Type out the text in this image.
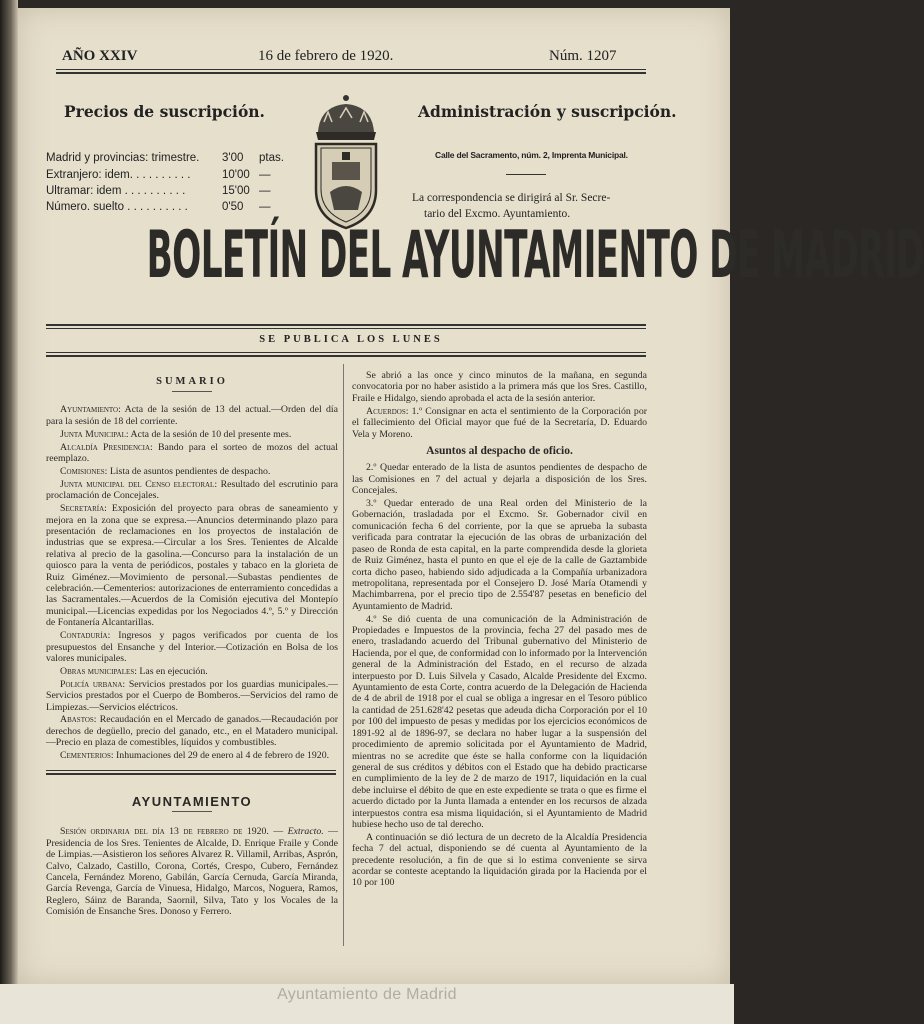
AÑO XXIV	16 de febrero de 1920.	Núm. 1207
Precios de suscripción.
Madrid y provincias: trimestre. 3'00 ptas.
Extranjero: idem. . . . . . . . . .	10'00 —
Ultramar: idem . . . . . . . . . .	15'00 —
Número. suelto . . . . . . . . . .	0'50 —
Administración y suscripción.
Calle del Sacramento, núm. 2, Imprenta Municipal.
La correspondencia se dirigirá al Sr. Secre-
tario del Excmo. Ayuntamiento.
BOLETÍN DEL AYUNTAMIENTO DE MADRID
SE PUBLICA LOS LUNES
SUMARIO

Ayuntamiento: Acta de la sesión de 13 del actual.—Orden del día para la sesión de 18 del corriente.

Junta Municipal: Acta de la sesión de 10 del presente mes.

Alcaldía Presidencia: Bando para el sorteo de mozos del actual reemplazo.

Comisiones: Lista de asuntos pendientes de despacho.

Junta municipal del Censo electoral: Resultado del escrutinio para proclamación de Concejales.

Secretaría: Exposición del proyecto para obras de saneamiento y mejora en la zona que se expresa.—Anuncios determinando plazo para presentación de reclamaciones en los proyectos de instalación de industrias que se expresa.—Circular a los Sres. Tenientes de Alcalde relativa al precio de la gasolina.—Concurso para la instalación de un quiosco para la venta de periódicos, postales y tabaco en la glorieta de Ruiz Giménez.—Movimiento de personal.—Subastas pendientes de celebración.—Cementerios: autorizaciones de enterramiento concedidas a las Sacramentales.—Acuerdos de la Comisión ejecutiva del Montepío municipal.—Licencias expedidas por los Negociados 4.º, 5.º y Dirección de Fontanería Alcantarillas.

Contaduría: Ingresos y pagos verificados por cuenta de los presupuestos del Ensanche y del Interior.—Cotización en Bolsa de los valores municipales.

Obras municipales: Las en ejecución.

Policía urbana: Servicios prestados por los guardias municipales.—Servicios prestados por el Cuerpo de Bomberos.—Servicios del ramo de Limpiezas.—Servicios eléctricos.

Abastos: Recaudación en el Mercado de ganados.—Recaudación por derechos de degüello, precio del ganado, etc., en el Matadero municipal.—Precio en plaza de comestibles, líquidos y combustibles.

Cementerios: Inhumaciones del 29 de enero al 4 de febrero de 1920.

AYUNTAMIENTO

Sesión ordinaria del día 13 de febrero de 1920. — Extracto. —Presidencia de los Sres. Tenientes de Alcalde, D. Enrique Fraile y Conde de Limpias.—Asistieron los señores Alvarez R. Villamil, Arribas, Asprón, Calvo, Calzado, Castillo, Corona, Cortés, Crespo, Cubero, Fernández Cancela, Fernández Moreno, Gabilán, García Cernuda, García Miranda, García Revenga, García de Vinuesa, Hidalgo, Marcos, Noguera, Ramos, Reglero, Sáinz de Baranda, Saornil, Silva, Tato y los Vocales de la Comisión de Ensanche Sres. Donoso y Ferrero.

Se abrió a las once y cinco minutos de la mañana, en segunda convocatoria por no haber asistido a la primera más que los Sres. Castillo, Fraile e Hidalgo, siendo aprobada el acta de la sesión anterior.

Acuerdos: 1.º Consignar en acta el sentimiento de la Corporación por el fallecimiento del Oficial mayor que fué de la Secretaría, D. Eduardo Vela y Moreno.

Asuntos al despacho de oficio.

2.º Quedar enterado de la lista de asuntos pendientes de despacho de las Comisiones en 7 del actual y dejarla a disposición de los Sres. Concejales.

3.º Quedar enterado de una Real orden del Ministerio de la Gobernación, trasladada por el Excmo. Sr. Gobernador civil en comunicación fecha 6 del corriente, por la que se aprueba la subasta verificada para contratar la ejecución de las obras de urbanización del paseo de Ronda de esta capital, en la parte comprendida desde la glorieta de Ruiz Giménez, hasta el punto en que el eje de la calle de Gaztambide corta dicho paseo, habiendo sido adjudicada a la Compañía urbanizadora metropolitana, representada por el Consejero D. José María Otamendi y Machimbarrena, por el precio tipo de 2.554'87 pesetas en beneficio del Ayuntamiento de Madrid.

4.º Se dió cuenta de una comunicación de la Administración de Propiedades e Impuestos de la provincia, fecha 27 del pasado mes de enero, trasladando acuerdo del Tribunal gubernativo del Ministerio de Hacienda, por el que, de conformidad con lo informado por la Intervención general de la Administración del Estado, en el recurso de alzada interpuesto por D. Luis Silvela y Casado, Alcalde Presidente del Excmo. Ayuntamiento de esta Corte, contra acuerdo de la Delegación de Hacienda de 4 de abril de 1918 por el cual se obliga a ingresar en el Tesoro público la cantidad de 251.628'42 pesetas que adeuda dicha Corporación por el 10 por 100 del impuesto de pesas y medidas por los ejercicios económicos de 1891-92 al de 1896-97, se declara no haber lugar a la suspensión del procedimiento de apremio solicitada por el Ayuntamiento de Madrid, mientras no se acredite que éste se halla conforme con la liquidación general de sus créditos y débitos con el Estado que ha debido practicarse en cumplimiento de la ley de 2 de marzo de 1917, liquidación en la cual debe incluirse el débito de que en este expediente se trata o que es firme el acuerdo dictado por la Junta llamada a entender en los recursos de alzada interpuestos contra esa misma liquidación, si el Ayuntamiento de Madrid hubiese hecho uso de tal derecho.

A continuación se dió lectura de un decreto de la Alcaldía Presidencia fecha 7 del actual, disponiendo se dé cuenta al Ayuntamiento de la precedente resolución, a fin de que si lo estima conveniente se sirva acordar se conteste aceptando la liquidación girada por la Hacienda por el 10 por 100

Ayuntamiento de Madrid
